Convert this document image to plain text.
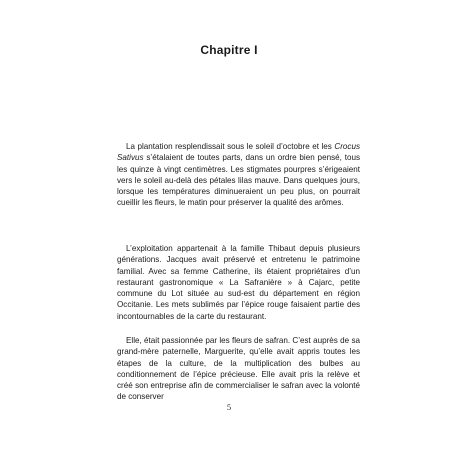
Chapitre I

La plantation resplendissait sous le soleil d’octobre et les Crocus Sativus s’étalaient de toutes parts, dans un ordre bien pensé, tous les quinze à vingt centimètres. Les stigmates pourpres s’érigeaient vers le soleil au-delà des pétales lilas mauve. Dans quelques jours, lorsque les températures diminueraient un peu plus, on pourrait cueillir les fleurs, le matin pour préserver la qualité des arômes.

L’exploitation appartenait à la famille Thibaut depuis plusieurs générations. Jacques avait préservé et entretenu le patrimoine familial. Avec sa femme Catherine, ils étaient propriétaires d’un restaurant gastronomique « La Safranière » à Cajarc, petite commune du Lot située au sud-est du département en région Occitanie. Les mets sublimés par l’épice rouge faisaient partie des incontournables de la carte du restaurant.

Elle, était passionnée par les fleurs de safran. C’est auprès de sa grand-mère paternelle, Marguerite, qu’elle avait appris toutes les étapes de la culture, de la multiplication des bulbes au conditionnement de l’épice précieuse. Elle avait pris la relève et créé son entreprise afin de commercialiser le safran avec la volonté de conserver

5
